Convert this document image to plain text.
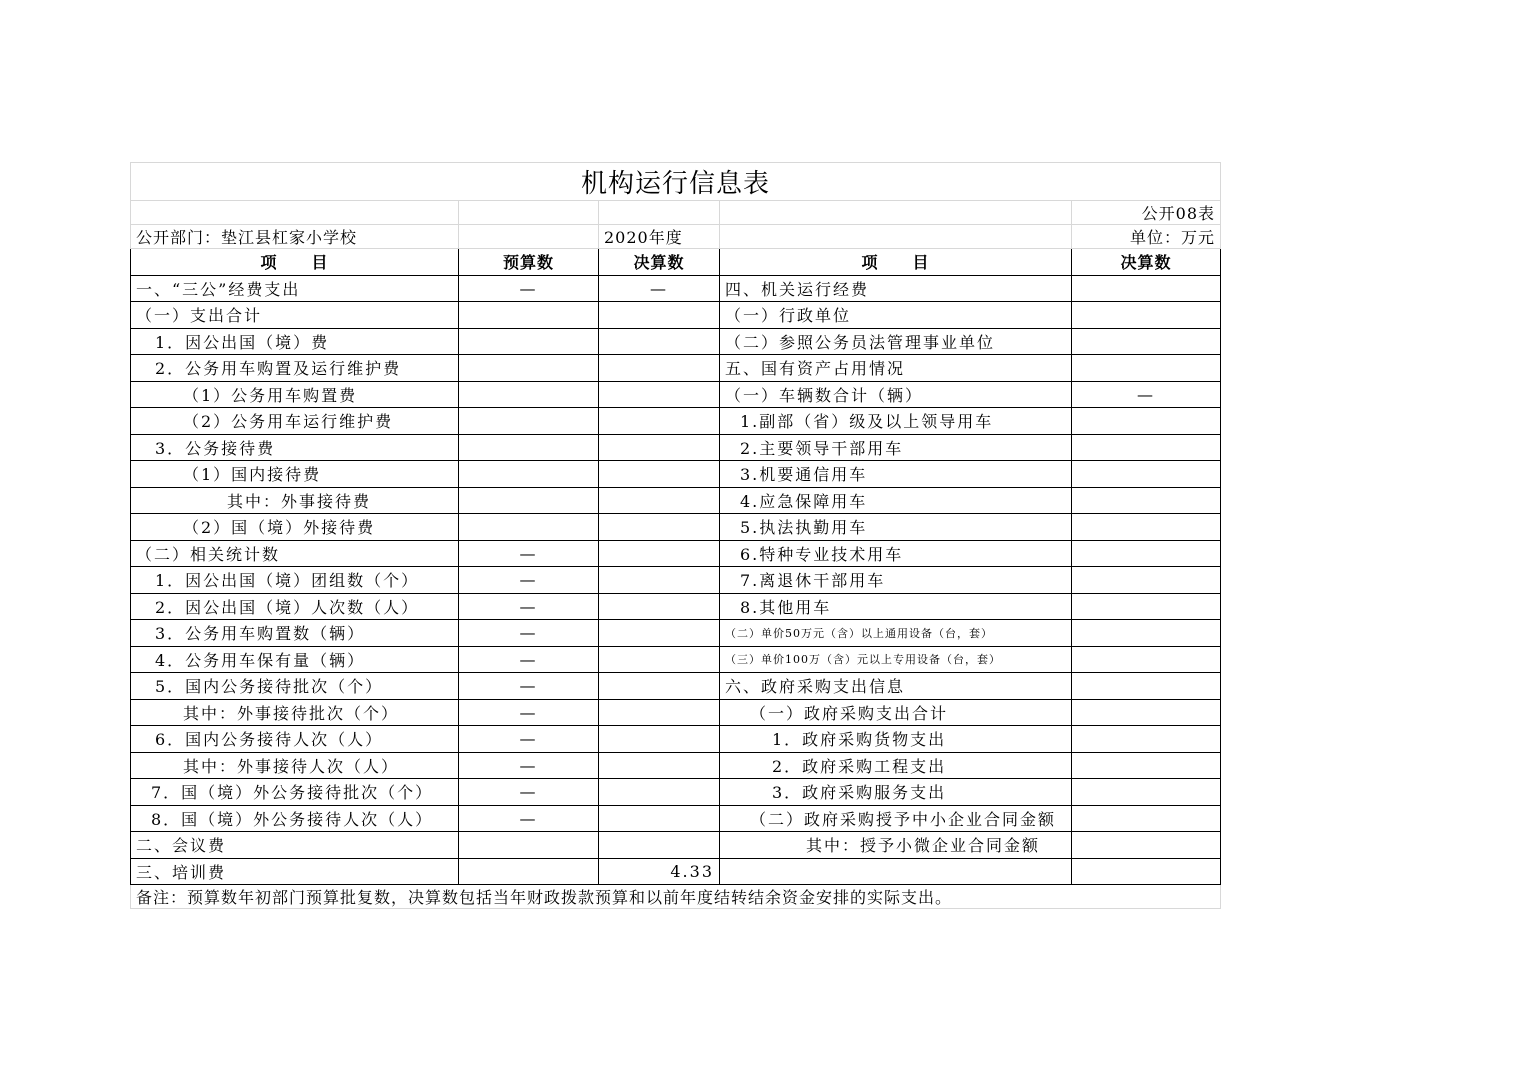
机构运行信息表				
				公开08表
公开部门：垫江县杠家小学校		2020年度		单位：万元
项　　目	预算数	决算数	项　　目	决算数
一、“三公”经费支出	—	—	四、机关运行经费	
（一）支出合计			（一）行政单位	
1．因公出国（境）费			（二）参照公务员法管理事业单位	
2．公务用车购置及运行维护费			五、国有资产占用情况	
（1）公务用车购置费			（一）车辆数合计（辆）	—
（2）公务用车运行维护费			1.副部（省）级及以上领导用车	
3．公务接待费			2.主要领导干部用车	
（1）国内接待费			3.机要通信用车	
其中：外事接待费			4.应急保障用车	
（2）国（境）外接待费			5.执法执勤用车	
（二）相关统计数	—		6.特种专业技术用车	
1．因公出国（境）团组数（个）	—		7.离退休干部用车	
2．因公出国（境）人次数（人）	—		8.其他用车	
3．公务用车购置数（辆）	—		（二）单价50万元（含）以上通用设备（台，套）	
4．公务用车保有量（辆）	—		（三）单价100万（含）元以上专用设备（台，套）	
5．国内公务接待批次（个）	—		六、政府采购支出信息	
其中：外事接待批次（个）	—		（一）政府采购支出合计	
6．国内公务接待人次（人）	—		1．政府采购货物支出	
其中：外事接待人次（人）	—		2．政府采购工程支出	
7．国（境）外公务接待批次（个）	—		3．政府采购服务支出	
8．国（境）外公务接待人次（人）	—		（二）政府采购授予中小企业合同金额	
二、会议费			其中：授予小微企业合同金额	
三、培训费		4.33		
备注：预算数年初部门预算批复数，决算数包括当年财政拨款预算和以前年度结转结余资金安排的实际支出。				
